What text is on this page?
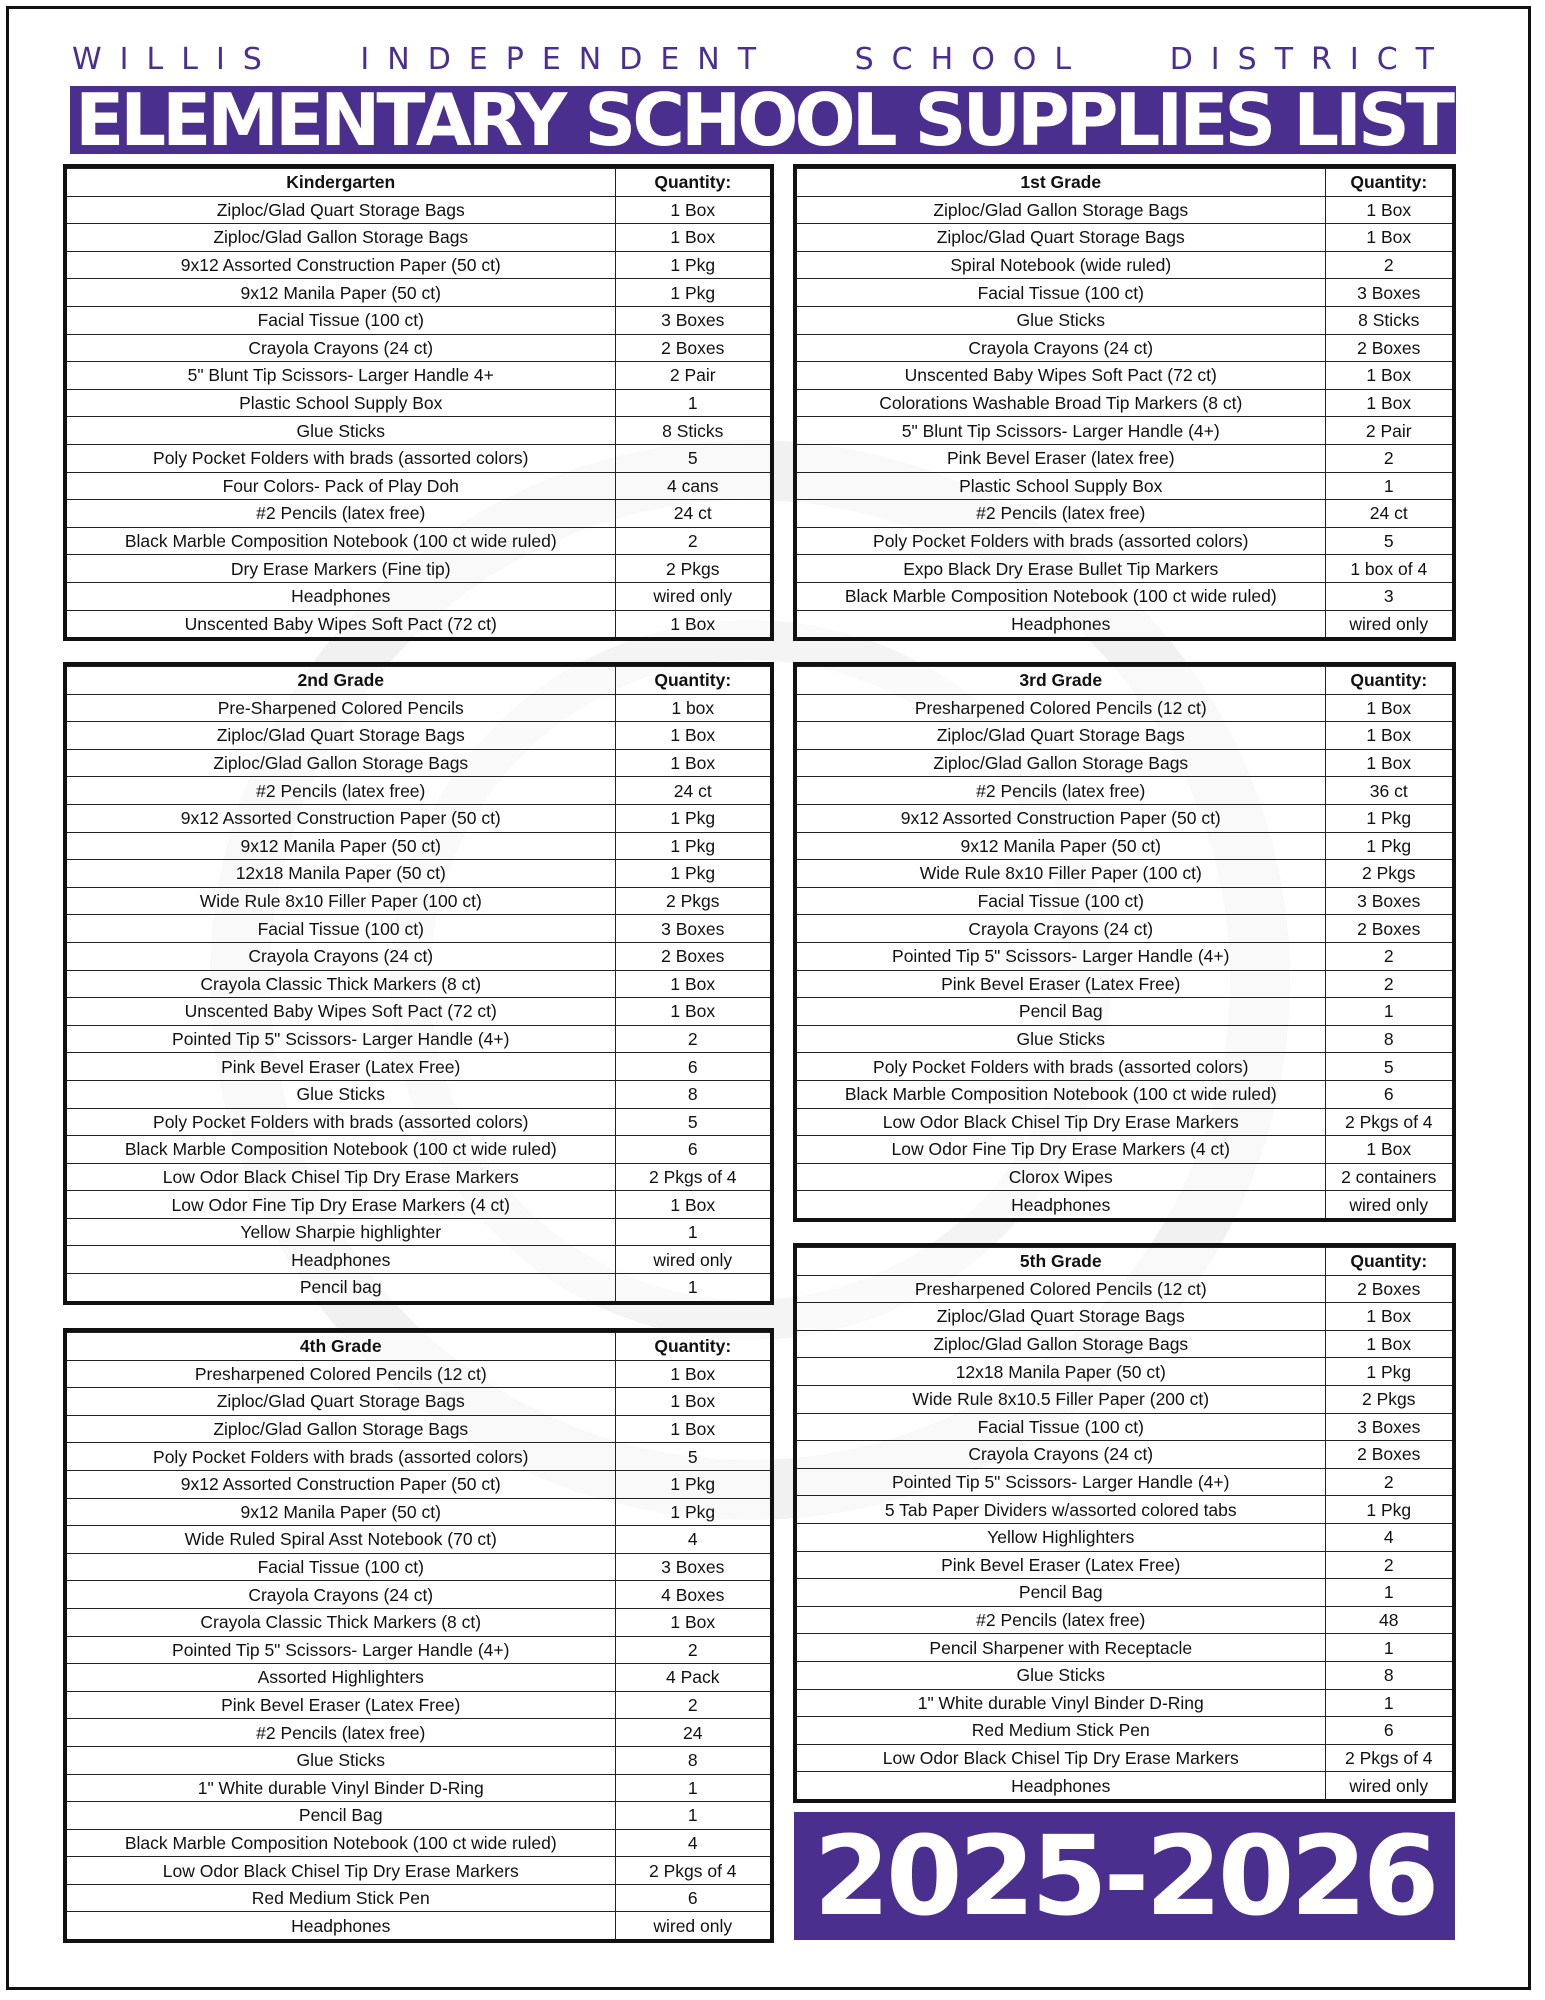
WILLIS INDEPENDENT SCHOOL DISTRICT
ELEMENTARY SCHOOL SUPPLIES LIST
Kindergarten	Quantity:
Ziploc/Glad Quart Storage Bags	1 Box
Ziploc/Glad Gallon Storage Bags	1 Box
9x12 Assorted Construction Paper (50 ct)	1 Pkg
9x12 Manila Paper (50 ct)	1 Pkg
Facial Tissue (100 ct)	3 Boxes
Crayola Crayons (24 ct)	2 Boxes
5" Blunt Tip Scissors- Larger Handle 4+	2 Pair
Plastic School Supply Box	1
Glue Sticks	8 Sticks
Poly Pocket Folders with brads (assorted colors)	5
Four Colors- Pack of Play Doh	4 cans
#2 Pencils (latex free)	24 ct
Black Marble Composition Notebook (100 ct wide ruled)	2
Dry Erase Markers (Fine tip)	2 Pkgs
Headphones	wired only
Unscented Baby Wipes Soft Pact (72 ct)	1 Box
1st Grade	Quantity:
Ziploc/Glad Gallon Storage Bags	1 Box
Ziploc/Glad Quart Storage Bags	1 Box
Spiral Notebook (wide ruled)	2
Facial Tissue (100 ct)	3 Boxes
Glue Sticks	8 Sticks
Crayola Crayons (24 ct)	2 Boxes
Unscented Baby Wipes Soft Pact (72 ct)	1 Box
Colorations Washable Broad Tip Markers (8 ct)	1 Box
5" Blunt Tip Scissors- Larger Handle (4+)	2 Pair
Pink Bevel Eraser (latex free)	2
Plastic School Supply Box	1
#2 Pencils (latex free)	24 ct
Poly Pocket Folders with brads (assorted colors)	5
Expo Black Dry Erase Bullet Tip Markers	1 box of 4
Black Marble Composition Notebook (100 ct wide ruled)	3
Headphones	wired only
2nd Grade	Quantity:
Pre-Sharpened Colored Pencils	1 box
Ziploc/Glad Quart Storage Bags	1 Box
Ziploc/Glad Gallon Storage Bags	1 Box
#2 Pencils (latex free)	24 ct
9x12 Assorted Construction Paper (50 ct)	1 Pkg
9x12 Manila Paper (50 ct)	1 Pkg
12x18 Manila Paper (50 ct)	1 Pkg
Wide Rule 8x10 Filler Paper (100 ct)	2 Pkgs
Facial Tissue (100 ct)	3 Boxes
Crayola Crayons (24 ct)	2 Boxes
Crayola Classic Thick Markers (8 ct)	1 Box
Unscented Baby Wipes Soft Pact (72 ct)	1 Box
Pointed Tip 5" Scissors- Larger Handle (4+)	2
Pink Bevel Eraser (Latex Free)	6
Glue Sticks	8
Poly Pocket Folders with brads (assorted colors)	5
Black Marble Composition Notebook (100 ct wide ruled)	6
Low Odor Black Chisel Tip Dry Erase Markers	2 Pkgs of 4
Low Odor Fine Tip Dry Erase Markers (4 ct)	1 Box
Yellow Sharpie highlighter	1
Headphones	wired only
Pencil bag	1
3rd Grade	Quantity:
Presharpened Colored Pencils (12 ct)	1 Box
Ziploc/Glad Quart Storage Bags	1 Box
Ziploc/Glad Gallon Storage Bags	1 Box
#2 Pencils (latex free)	36 ct
9x12 Assorted Construction Paper (50 ct)	1 Pkg
9x12 Manila Paper (50 ct)	1 Pkg
Wide Rule 8x10 Filler Paper (100 ct)	2 Pkgs
Facial Tissue (100 ct)	3 Boxes
Crayola Crayons (24 ct)	2 Boxes
Pointed Tip 5" Scissors- Larger Handle (4+)	2
Pink Bevel Eraser (Latex Free)	2
Pencil Bag	1
Glue Sticks	8
Poly Pocket Folders with brads (assorted colors)	5
Black Marble Composition Notebook (100 ct wide ruled)	6
Low Odor Black Chisel Tip Dry Erase Markers	2 Pkgs of 4
Low Odor Fine Tip Dry Erase Markers (4 ct)	1 Box
Clorox Wipes	2 containers
Headphones	wired only
4th Grade	Quantity:
Presharpened Colored Pencils (12 ct)	1 Box
Ziploc/Glad Quart Storage Bags	1 Box
Ziploc/Glad Gallon Storage Bags	1 Box
Poly Pocket Folders with brads (assorted colors)	5
9x12 Assorted Construction Paper (50 ct)	1 Pkg
9x12 Manila Paper (50 ct)	1 Pkg
Wide Ruled Spiral Asst Notebook (70 ct)	4
Facial Tissue (100 ct)	3 Boxes
Crayola Crayons (24 ct)	4 Boxes
Crayola Classic Thick Markers (8 ct)	1 Box
Pointed Tip 5" Scissors- Larger Handle (4+)	2
Assorted Highlighters	4 Pack
Pink Bevel Eraser (Latex Free)	2
#2 Pencils (latex free)	24
Glue Sticks	8
1" White durable Vinyl Binder D-Ring	1
Pencil Bag	1
Black Marble Composition Notebook (100 ct wide ruled)	4
Low Odor Black Chisel Tip Dry Erase Markers	2 Pkgs of 4
Red Medium Stick Pen	6
Headphones	wired only
5th Grade	Quantity:
Presharpened Colored Pencils (12 ct)	2 Boxes
Ziploc/Glad Quart Storage Bags	1 Box
Ziploc/Glad Gallon Storage Bags	1 Box
12x18 Manila Paper (50 ct)	1 Pkg
Wide Rule 8x10.5 Filler Paper (200 ct)	2 Pkgs
Facial Tissue (100 ct)	3 Boxes
Crayola Crayons (24 ct)	2 Boxes
Pointed Tip 5" Scissors- Larger Handle (4+)	2
5 Tab Paper Dividers w/assorted colored tabs	1 Pkg
Yellow Highlighters	4
Pink Bevel Eraser (Latex Free)	2
Pencil Bag	1
#2 Pencils (latex free)	48
Pencil Sharpener with Receptacle	1
Glue Sticks	8
1" White durable Vinyl Binder D-Ring	1
Red Medium Stick Pen	6
Low Odor Black Chisel Tip Dry Erase Markers	2 Pkgs of 4
Headphones	wired only
2025-2026
